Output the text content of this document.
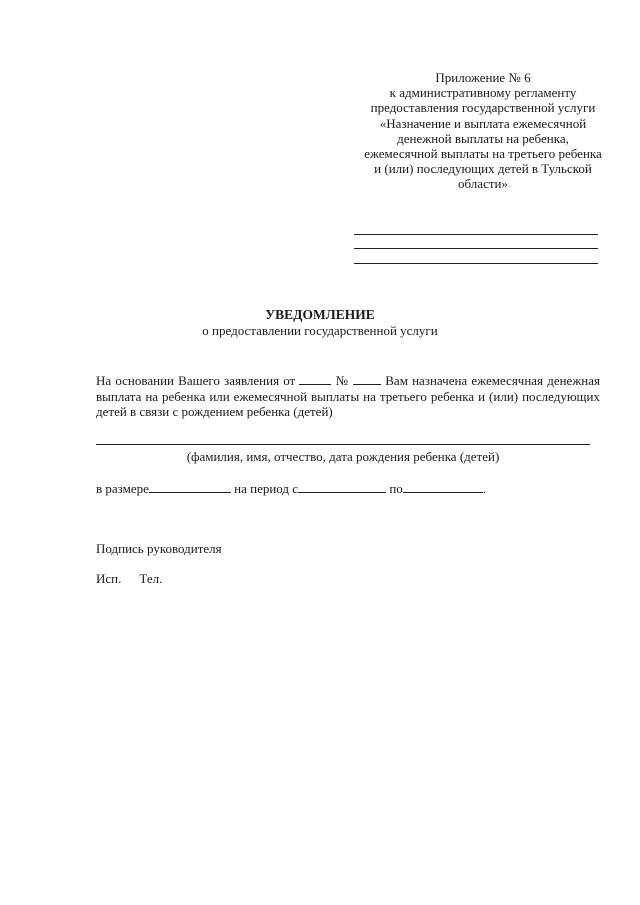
Приложение № 6
к административному регламенту
предоставления государственной услуги
«Назначение и выплата ежемесячной
денежной выплаты на ребенка,
ежемесячной выплаты на третьего ребенка
и (или) последующих детей в Тульской
области»
УВЕДОМЛЕНИЕ
о предоставлении государственной услуги
На основании Вашего заявления от	№	Вам назначена ежемесячная денежная
выплата на ребенка или ежемесячной выплаты на третьего ребенка и (или) последующих
детей в связи с рождением ребенка (детей)
(фамилия, имя, отчество, дата рождения ребенка (детей)
в размере	на период с	по	.
Подпись руководителя
Исп. Тел.
